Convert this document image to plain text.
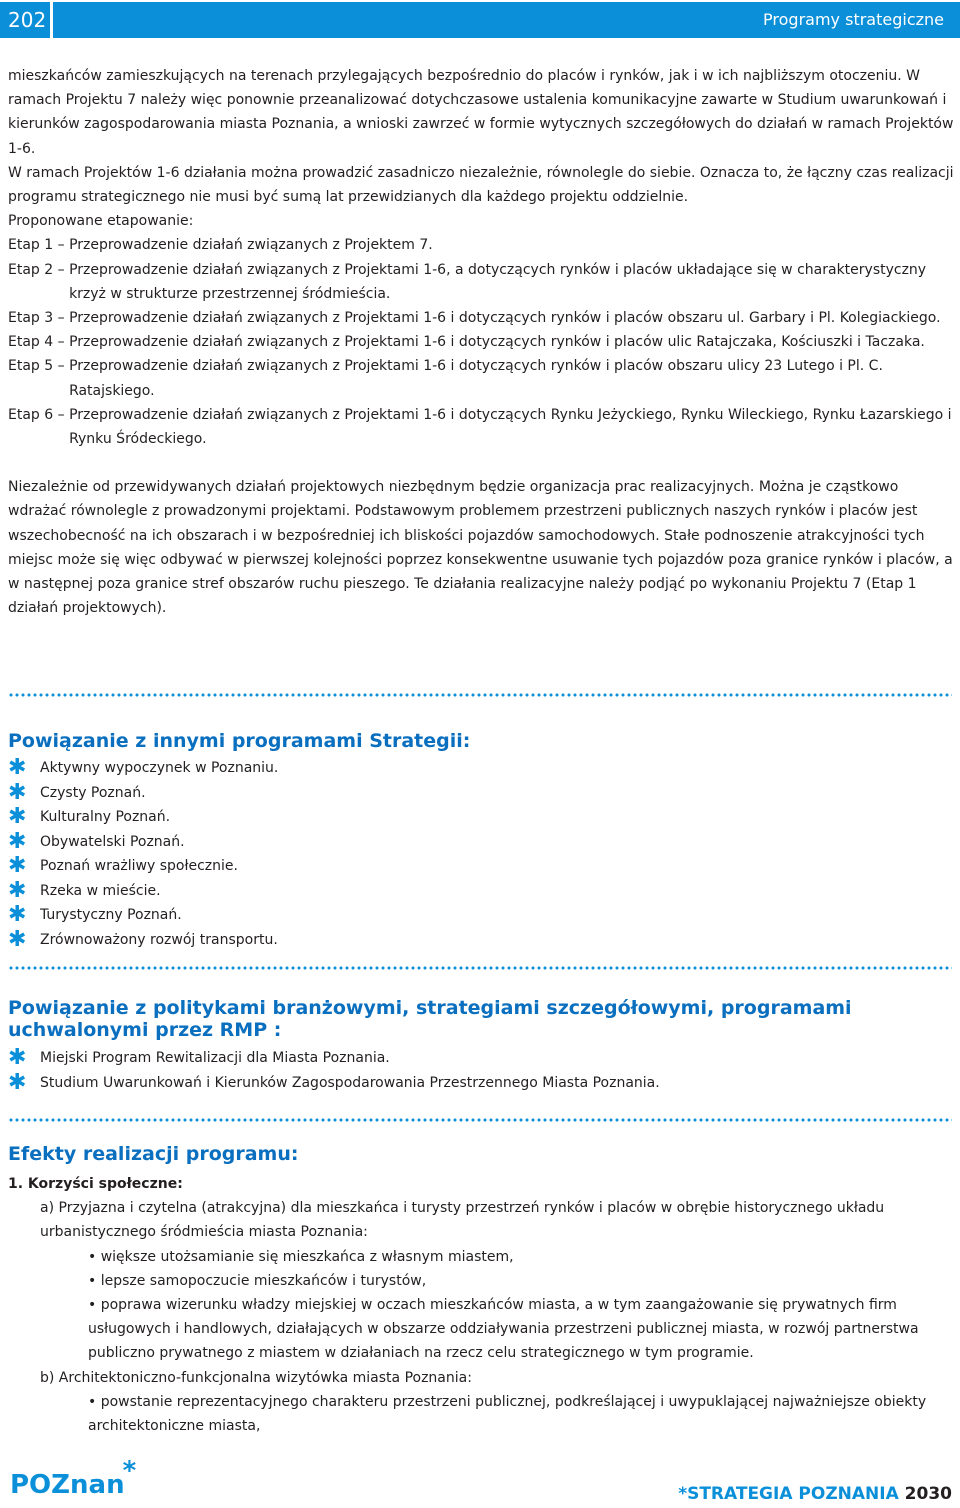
202	Programy strategiczne

mieszkańców zamieszkujących na terenach przylegających bezpośrednio do placów i rynków, jak i w ich najbliższym otoczeniu. W ramach Projektu 7 należy więc ponownie przeanalizować dotychczasowe ustalenia komunikacyjne zawarte w Studium uwarunkowań i kierunków zagospodarowania miasta Poznania, a wnioski zawrzeć w formie wytycznych szczegółowych do działań w ramach Projektów 1-6.

W ramach Projektów 1-6 działania można prowadzić zasadniczo niezależnie, równolegle do siebie. Oznacza to, że łączny czas realizacji programu strategicznego nie musi być sumą lat przewidzianych dla każdego projektu oddzielnie.

Proponowane etapowanie:

Etap 1 – Przeprowadzenie działań związanych z Projektem 7.
Etap 2 – Przeprowadzenie działań związanych z Projektami 1-6, a dotyczących rynków i placów układające się w charakterystyczny krzyż w strukturze przestrzennej śródmieścia.
Etap 3 – Przeprowadzenie działań związanych z Projektami 1-6 i dotyczących rynków i placów obszaru ul. Garbary i Pl. Kolegiackiego.
Etap 4 – Przeprowadzenie działań związanych z Projektami 1-6 i dotyczących rynków i placów ulic Ratajczaka, Kościuszki i Taczaka.
Etap 5 – Przeprowadzenie działań związanych z Projektami 1-6 i dotyczących rynków i placów obszaru ulicy 23 Lutego i Pl. C. Ratajskiego.
Etap 6 – Przeprowadzenie działań związanych z Projektami 1-6 i dotyczących Rynku Jeżyckiego, Rynku Wileckiego, Rynku Łazarskiego i Rynku Śródeckiego.

Niezależnie od przewidywanych działań projektowych niezbędnym będzie organizacja prac realizacyjnych. Można je cząstkowo wdrażać równolegle z prowadzonymi projektami. Podstawowym problemem przestrzeni publicznych naszych rynków i placów jest wszechobecność na ich obszarach i w bezpośredniej ich bliskości pojazdów samochodowych. Stałe podnoszenie atrakcyjności tych miejsc może się więc odbywać w pierwszej kolejności poprzez konsekwentne usuwanie tych pojazdów poza granice rynków i placów, a w następnej poza granice stref obszarów ruchu pieszego. Te działania realizacyjne należy podjąć po wykonaniu Projektu 7 (Etap 1 działań projektowych).

Powiązanie z innymi programami Strategii:
✱ Aktywny wypoczynek w Poznaniu.
✱ Czysty Poznań.
✱ Kulturalny Poznań.
✱ Obywatelski Poznań.
✱ Poznań wrażliwy społecznie.
✱ Rzeka w mieście.
✱ Turystyczny Poznań.
✱ Zrównoważony rozwój transportu.
Powiązanie z politykami branżowymi, strategiami szczegółowymi, programami uchwalonymi przez RMP :
✱ Miejski Program Rewitalizacji dla Miasta Poznania.
✱ Studium Uwarunkowań i Kierunków Zagospodarowania Przestrzennego Miasta Poznania.
Efekty realizacji programu:
1. Korzyści społeczne:
a) Przyjazna i czytelna (atrakcyjna) dla mieszkańca i turysty przestrzeń rynków i placów w obrębie historycznego układu urbanistycznego śródmieścia miasta Poznania:
• większe utożsamianie się mieszkańca z własnym miastem,
• lepsze samopoczucie mieszkańców i turystów,
• poprawa wizerunku władzy miejskiej w oczach mieszkańców miasta, a w tym zaangażowanie się prywatnych firm usługowych i handlowych, działających w obszarze oddziaływania przestrzeni publicznej miasta, w rozwój partnerstwa publiczno prywatnego z miastem w działaniach na rzecz celu strategicznego w tym programie.
b) Architektoniczno-funkcjonalna wizytówka miasta Poznania:
• powstanie reprezentacyjnego charakteru przestrzeni publicznej, podkreślającej i uwypuklającej najważniejsze obiekty architektoniczne miasta,
POZnan*
*STRATEGIA POZNANIA 2030
